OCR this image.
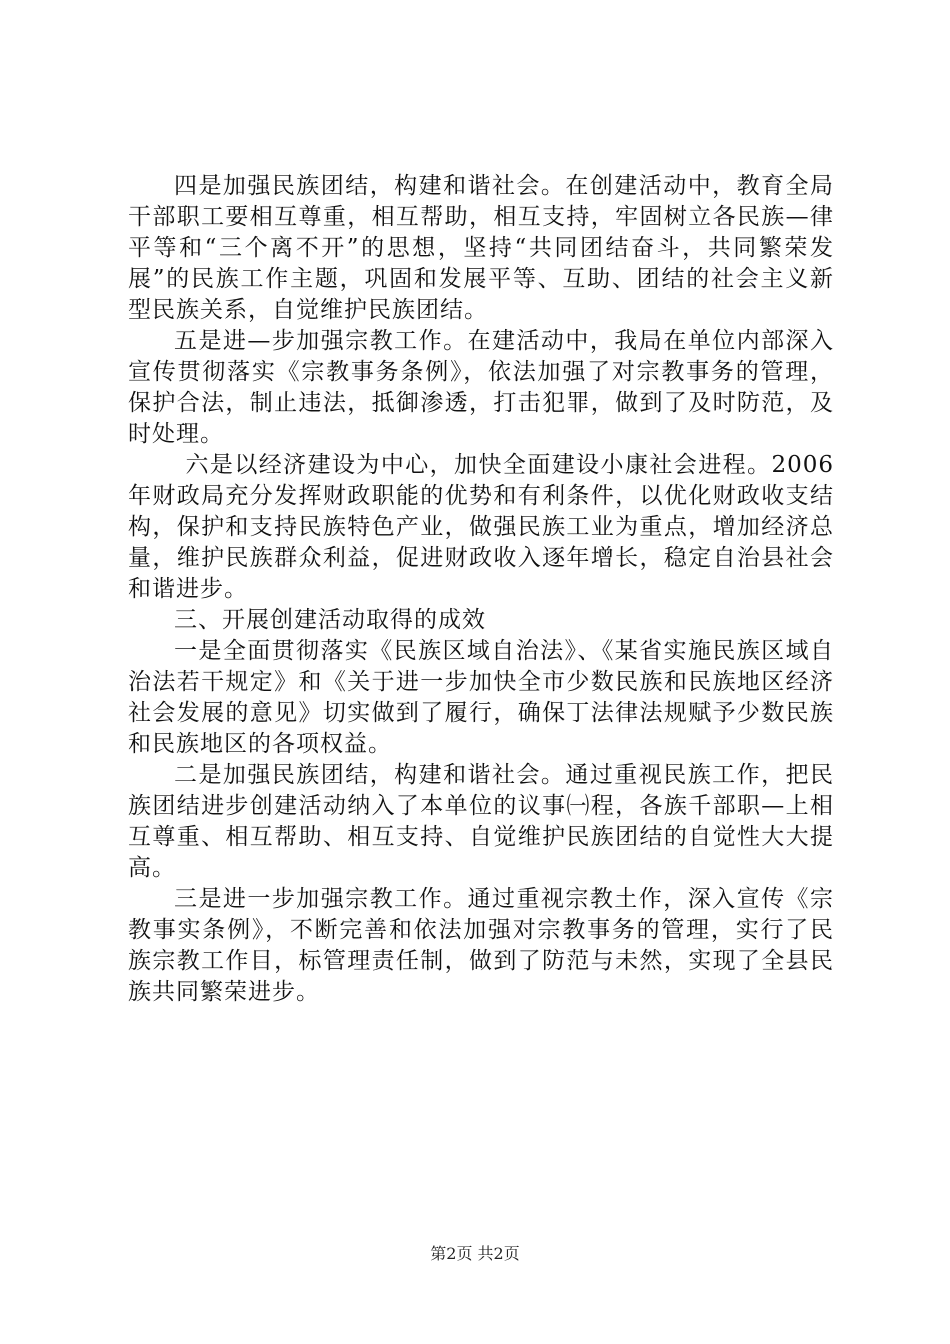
四是加强民族团结，构建和谐社会。在创建活动中，教育全局干部职工要相互尊重，相互帮助，相互支持，牢固树立各民族—律平等和“三个离不开”的思想，坚持“共同团结奋斗，共同繁荣发展”的民族工作主题，巩固和发展平等、互助、团结的社会主义新型民族关系，自觉维护民族团结。

五是进—步加强宗教工作。在建活动中，我局在单位内部深入宣传贯彻落实《宗教事务条例》，依法加强了对宗教事务的管理，保护合法，制止违法，抵御渗透，打击犯罪，做到了及时防范，及时处理。

六是以经济建设为中心，加快全面建设小康社会进程。2006年财政局充分发挥财政职能的优势和有利条件，以优化财政收支结构，保护和支持民族特色产业，做强民族工业为重点，增加经济总量，维护民族群众利益，促进财政收入逐年增长，稳定自治县社会和谐进步。

三、开展创建活动取得的成效

一是全面贯彻落实《民族区域自治法》、《某省实施民族区域自治法若干规定》和《关于进一步加快全市少数民族和民族地区经济社会发展的意见》切实做到了履行，确保丁法律法规赋予少数民族和民族地区的各项权益。

二是加强民族团结，构建和谐社会。通过重视民族工作，把民族团结进步创建活动纳入了本单位的议事㈠程，各族千部职—上相互尊重、相互帮助、相互支持、自觉维护民族团结的自觉性大大提高。

三是进一步加强宗教工作。通过重视宗教土作，深入宣传《宗教事实条例》，不断完善和依法加强对宗教事务的管理，实行了民族宗教工作目，标管理责任制，做到了防范与未然，实现了全县民族共同繁荣进步。

第2页 共2页
